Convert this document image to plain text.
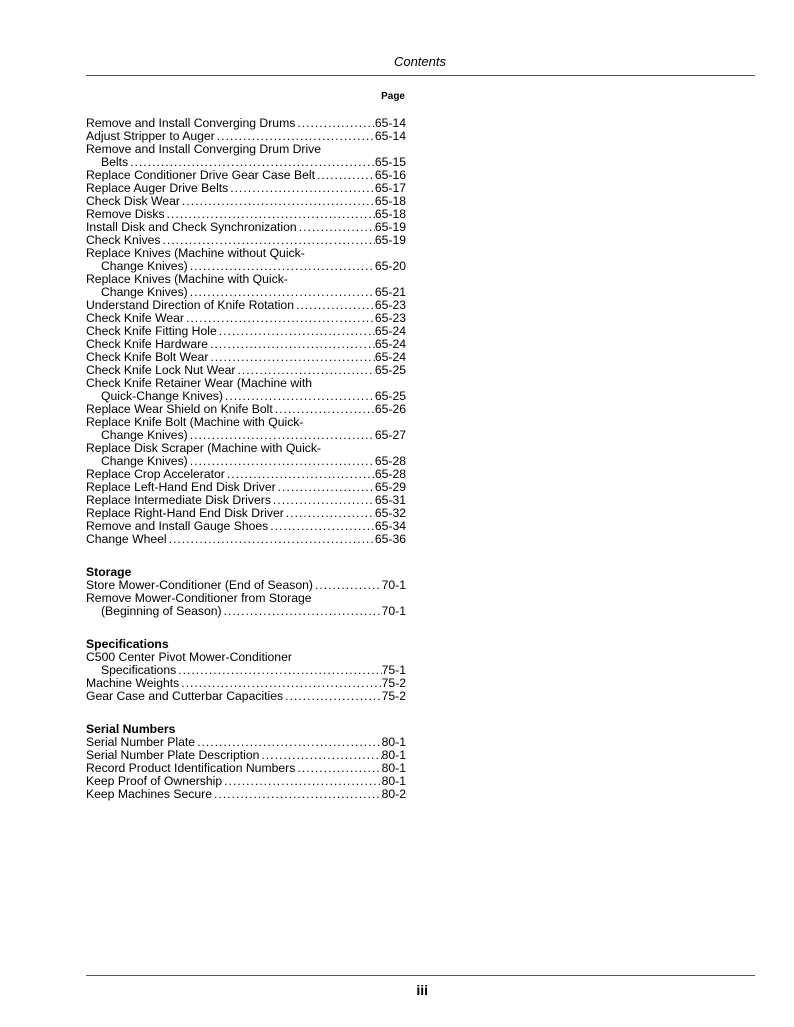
Contents
Page
Remove and Install Converging Drums .....	65-14
Adjust Stripper to Auger .....	65-14
Remove and Install Converging Drum Drive
Belts .....	65-15
Replace Conditioner Drive Gear Case Belt .....	65-16
Replace Auger Drive Belts .....	65-17
Check Disk Wear .....	65-18
Remove Disks .....	65-18
Install Disk and Check Synchronization .....	65-19
Check Knives .....	65-19
Replace Knives (Machine without Quick-
Change Knives) .....	65-20
Replace Knives (Machine with Quick-
Change Knives) .....	65-21
Understand Direction of Knife Rotation .....	65-23
Check Knife Wear .....	65-23
Check Knife Fitting Hole .....	65-24
Check Knife Hardware .....	65-24
Check Knife Bolt Wear .....	65-24
Check Knife Lock Nut Wear .....	65-25
Check Knife Retainer Wear (Machine with
Quick-Change Knives) .....	65-25
Replace Wear Shield on Knife Bolt .....	65-26
Replace Knife Bolt (Machine with Quick-
Change Knives) .....	65-27
Replace Disk Scraper (Machine with Quick-
Change Knives) .....	65-28
Replace Crop Accelerator .....	65-28
Replace Left-Hand End Disk Driver .....	65-29
Replace Intermediate Disk Drivers .....	65-31
Replace Right-Hand End Disk Driver .....	65-32
Remove and Install Gauge Shoes .....	65-34
Change Wheel .....	65-36
Storage
Store Mower-Conditioner (End of Season) .....	70-1
Remove Mower-Conditioner from Storage
(Beginning of Season) .....	70-1
Specifications
C500 Center Pivot Mower-Conditioner
Specifications .....	75-1
Machine Weights .....	75-2
Gear Case and Cutterbar Capacities .....	75-2
Serial Numbers
Serial Number Plate .....	80-1
Serial Number Plate Description .....	80-1
Record Product Identification Numbers .....	80-1
Keep Proof of Ownership .....	80-1
Keep Machines Secure .....	80-2
iii
